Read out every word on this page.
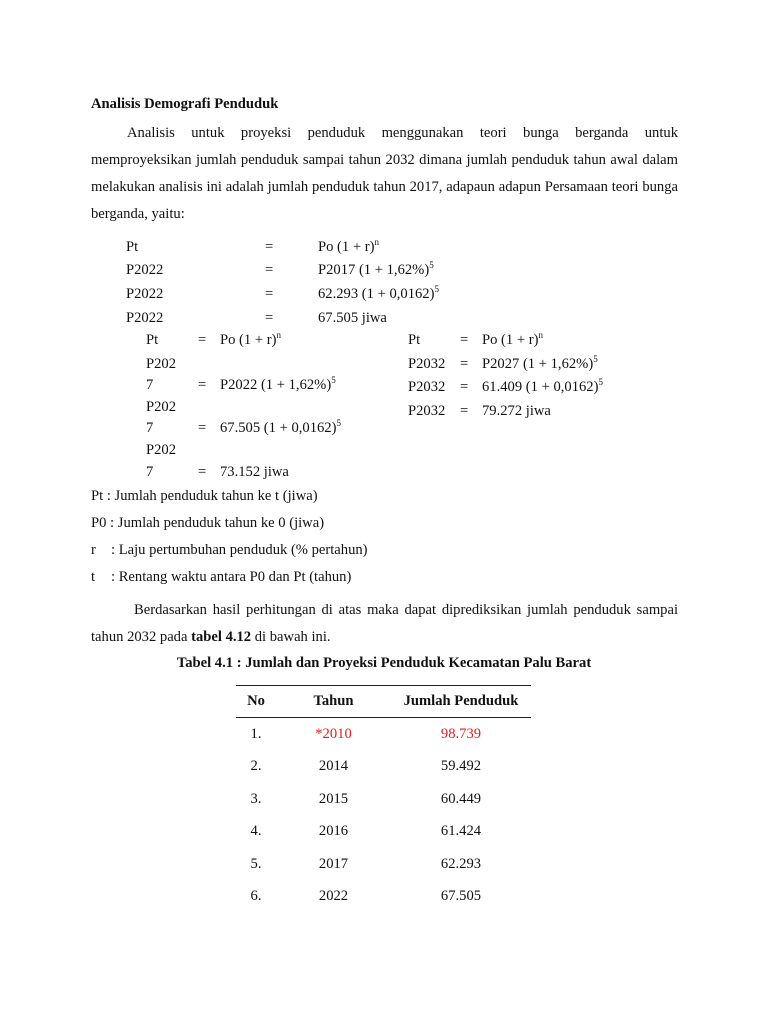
Analisis Demografi Penduduk

Analisis untuk proyeksi penduduk menggunakan teori bunga berganda untuk memproyeksikan jumlah penduduk sampai tahun 2032 dimana jumlah penduduk tahun awal dalam melakukan analisis ini adalah jumlah penduduk tahun 2017, adapaun adapun Persamaan teori bunga berganda, yaitu:

Pt	=	Po $(1 + r)^n$
P2022	=	P2017 $(1 + 1,62\%)^5$
P2022	=	62.293 $(1 + 0,0162)^5$
P2022	=	67.505 jiwa
Pt	= Po $(1 + r)^n$
P202
7	= P2022 $(1 + 1,62\%)^5$
P202
7	= 67.505 $(1 + 0,0162)^5$
P202
7	= 73.152 jiwa
Pt	= Po $(1 + r)^n$
P2032 = P2027 $(1 + 1,62\%)^5$
P2032 = 61.409 $(1 + 0,0162)^5$
P2032 = 79.272 jiwa
Pt : Jumlah penduduk tahun ke t (jiwa)
P0 : Jumlah penduduk tahun ke 0 (jiwa)
r : Laju pertumbuhan penduduk (% pertahun)
t : Rentang waktu antara P0 dan Pt (tahun)

Berdasarkan hasil perhitungan di atas maka dapat diprediksikan jumlah penduduk sampai tahun 2032 pada tabel 4.12 di bawah ini.

Tabel 4.1 : Jumlah dan Proyeksi Penduduk Kecamatan Palu Barat
No	Tahun	Jumlah Penduduk
1.	*2010	98.739
2.	2014	59.492
3.	2015	60.449
4.	2016	61.424
5.	2017	62.293
6.	2022	67.505
